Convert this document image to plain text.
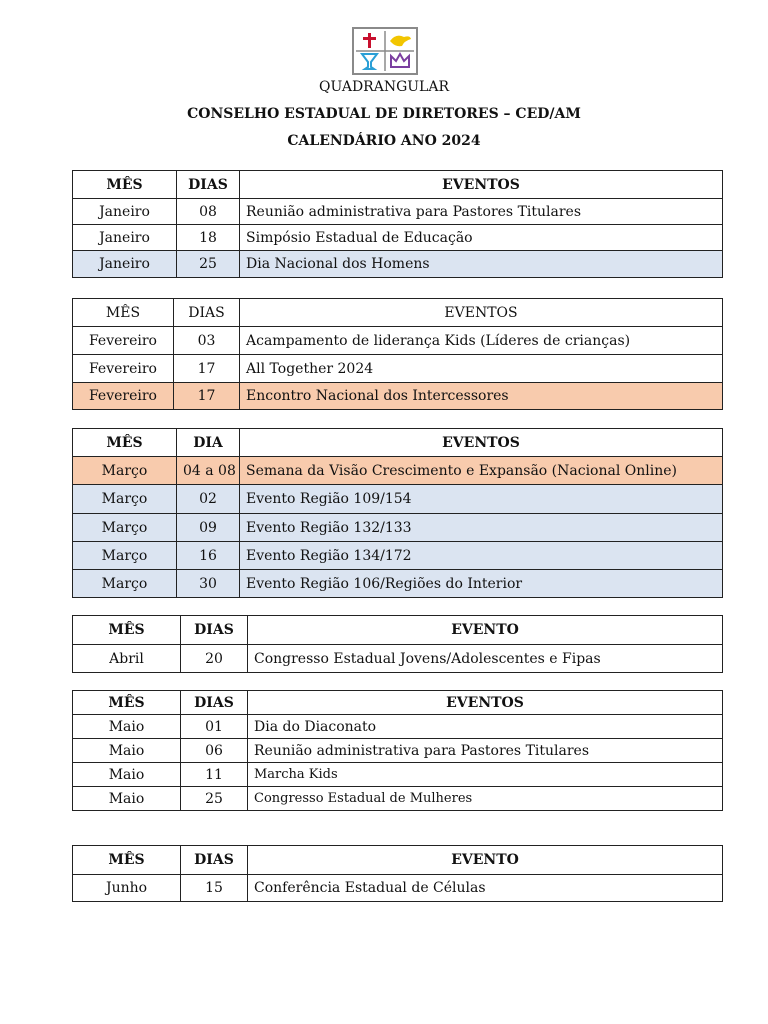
QUADRANGULAR
CONSELHO ESTADUAL DE DIRETORES – CED/AM
CALENDÁRIO ANO 2024
MÊS	DIAS	EVENTOS
Janeiro	08	Reunião administrativa para Pastores Titulares
Janeiro	18	Simpósio Estadual de Educação
Janeiro	25	Dia Nacional dos Homens
MÊS	DIAS	EVENTOS
Fevereiro	03	Acampamento de liderança Kids (Líderes de crianças)
Fevereiro	17	All Together 2024
Fevereiro	17	Encontro Nacional dos Intercessores
MÊS	DIA	EVENTOS
Março	04 a 08	Semana da Visão Crescimento e Expansão (Nacional Online)
Março	02	Evento Região 109/154
Março	09	Evento Região 132/133
Março	16	Evento Região 134/172
Março	30	Evento Região 106/Regiões do Interior
MÊS	DIAS	EVENTO
Abril	20	Congresso Estadual Jovens/Adolescentes e Fipas
MÊS	DIAS	EVENTOS
Maio	01	Dia do Diaconato
Maio	06	Reunião administrativa para Pastores Titulares
Maio	11	Marcha Kids
Maio	25	Congresso Estadual de Mulheres
MÊS	DIAS	EVENTO
Junho	15	Conferência Estadual de Células
